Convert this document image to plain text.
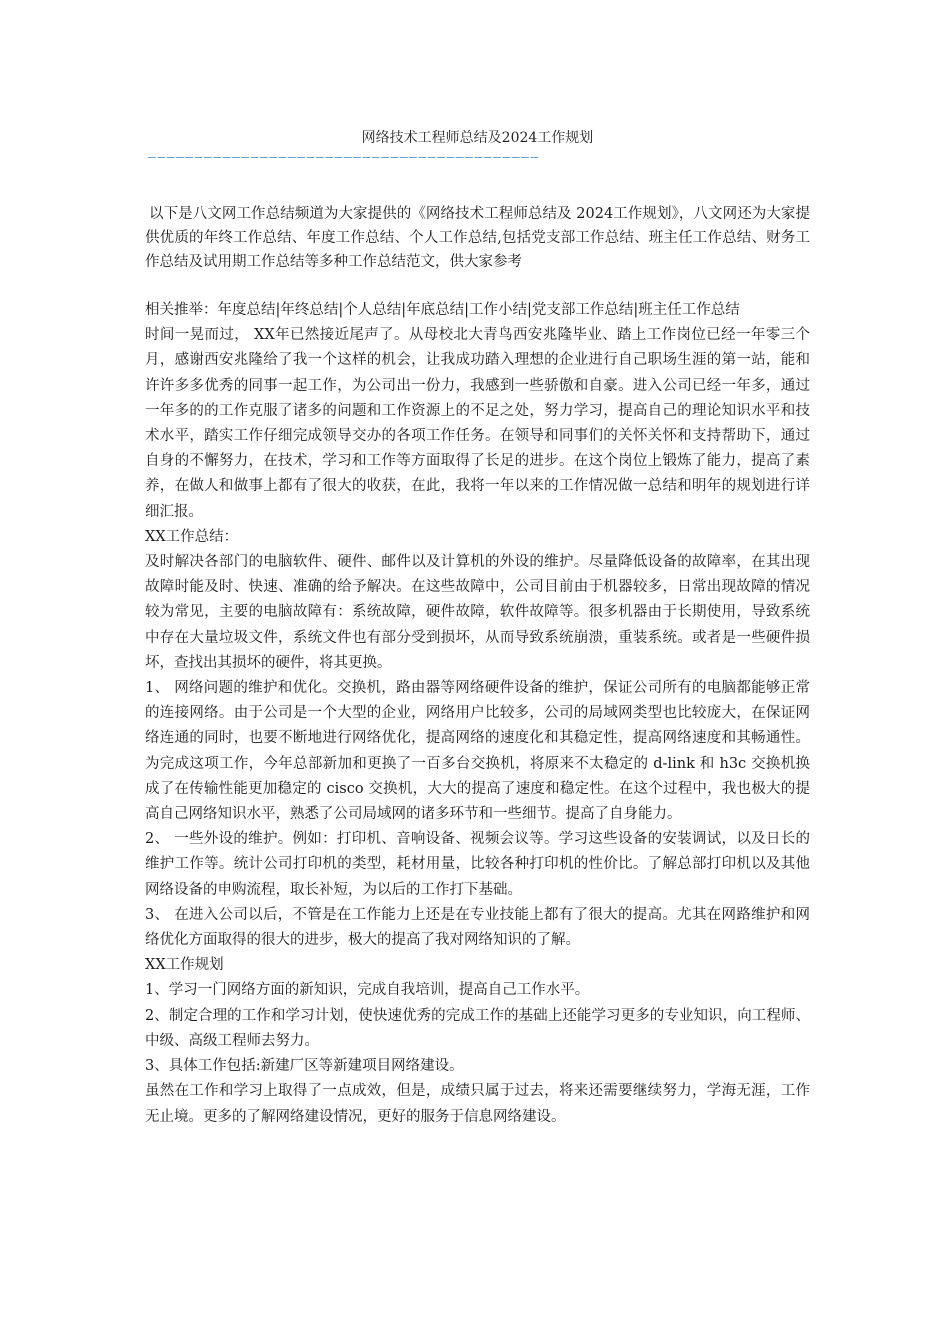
网络技术工程师总结及2024工作规划
——————————————————————————————————————————

以下是八文网工作总结频道为大家提供的《网络技术工程师总结及 2024工作规划》，八文网还为大家提供优质的年终工作总结、年度工作总结、个人工作总结,包括党支部工作总结、班主任工作总结、财务工作总结及试用期工作总结等多种工作总结范文，供大家参考

相关推举：年度总结|年终总结|个人总结|年底总结|工作小结|党支部工作总结|班主任工作总结

时间一晃而过， XX年已然接近尾声了。从母校北大青鸟西安兆隆毕业、踏上工作岗位已经一年零三个月，感谢西安兆隆给了我一个这样的机会，让我成功踏入理想的企业进行自己职场生涯的第一站，能和许许多多优秀的同事一起工作，为公司出一份力，我感到一些骄傲和自豪。进入公司已经一年多，通过一年多的的工作克服了诸多的问题和工作资源上的不足之处，努力学习，提高自己的理论知识水平和技术水平，踏实工作仔细完成领导交办的各项工作任务。在领导和同事们的关怀关怀和支持帮助下，通过自身的不懈努力，在技术，学习和工作等方面取得了长足的进步。在这个岗位上锻炼了能力，提高了素养，在做人和做事上都有了很大的收获，在此，我将一年以来的工作情况做一总结和明年的规划进行详细汇报。

XX工作总结：

及时解决各部门的电脑软件、硬件、邮件以及计算机的外设的维护。尽量降低设备的故障率，在其出现故障时能及时、快速、准确的给予解决。在这些故障中，公司目前由于机器较多，日常出现故障的情况较为常见，主要的电脑故障有：系统故障，硬件故障，软件故障等。很多机器由于长期使用，导致系统中存在大量垃圾文件，系统文件也有部分受到损坏，从而导致系统崩溃，重装系统。或者是一些硬件损坏，查找出其损坏的硬件，将其更换。

1、 网络问题的维护和优化。交换机，路由器等网络硬件设备的维护，保证公司所有的电脑都能够正常的连接网络。由于公司是一个大型的企业，网络用户比较多，公司的局域网类型也比较庞大，在保证网络连通的同时，也要不断地进行网络优化，提高网络的速度化和其稳定性，提高网络速度和其畅通性。为完成这项工作，今年总部新加和更换了一百多台交换机，将原来不太稳定的 d-link 和 h3c 交换机换成了在传输性能更加稳定的 cisco 交换机，大大的提高了速度和稳定性。在这个过程中，我也极大的提高自己网络知识水平，熟悉了公司局域网的诸多环节和一些细节。提高了自身能力。

2、 一些外设的维护。例如：打印机、音响设备、视频会议等。学习这些设备的安装调试，以及日长的维护工作等。统计公司打印机的类型，耗材用量，比较各种打印机的性价比。了解总部打印机以及其他网络设备的申购流程，取长补短，为以后的工作打下基础。

3、 在进入公司以后，不管是在工作能力上还是在专业技能上都有了很大的提高。尤其在网路维护和网络优化方面取得的很大的进步，极大的提高了我对网络知识的了解。

XX工作规划

1、学习一门网络方面的新知识，完成自我培训，提高自己工作水平。

2、制定合理的工作和学习计划，使快速优秀的完成工作的基础上还能学习更多的专业知识，向工程师、中级、高级工程师去努力。

3、具体工作包括:新建厂区等新建项目网络建设。

虽然在工作和学习上取得了一点成效，但是，成绩只属于过去，将来还需要继续努力，学海无涯，工作无止境。更多的了解网络建设情况，更好的服务于信息网络建设。
